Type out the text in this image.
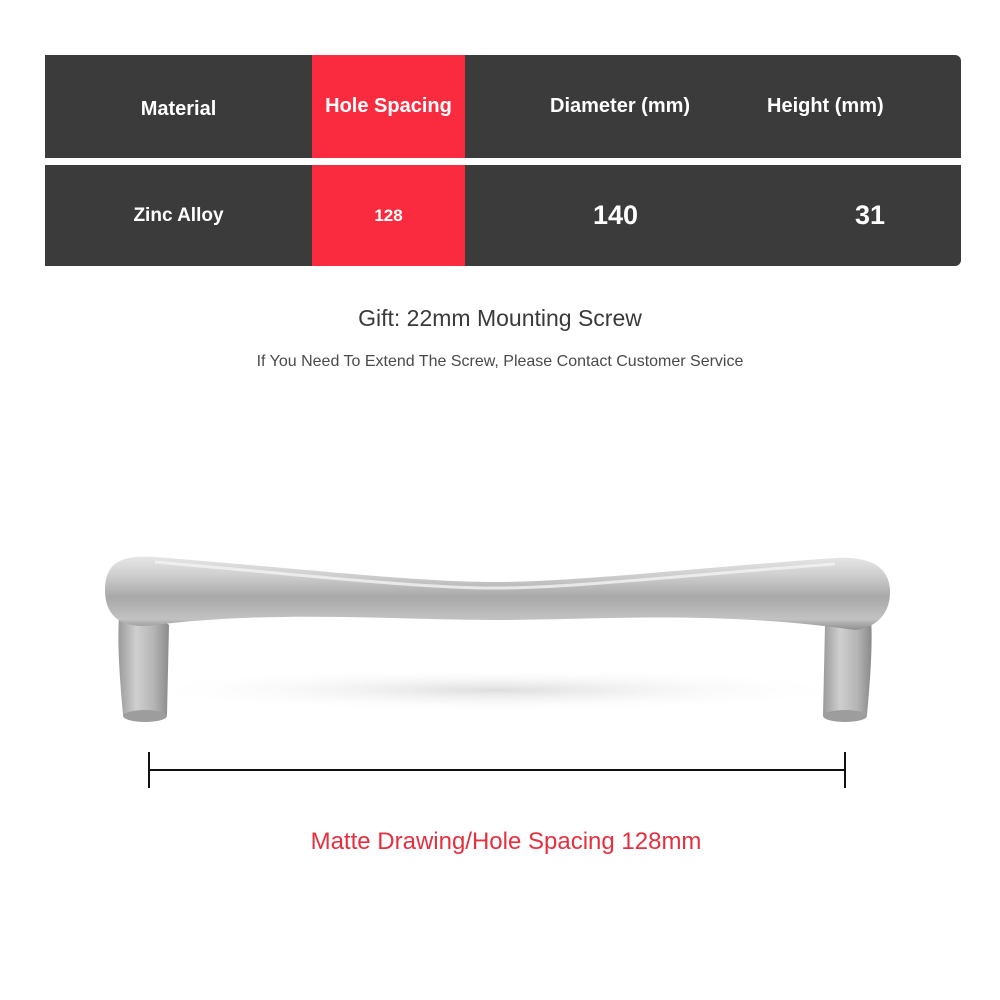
Material	Hole Spacing	Diameter (mm)	Height (mm)
Zinc Alloy	128	140	31
Gift: 22mm Mounting Screw
If You Need To Extend The Screw, Please Contact Customer Service
Matte Drawing/Hole Spacing 128mm
